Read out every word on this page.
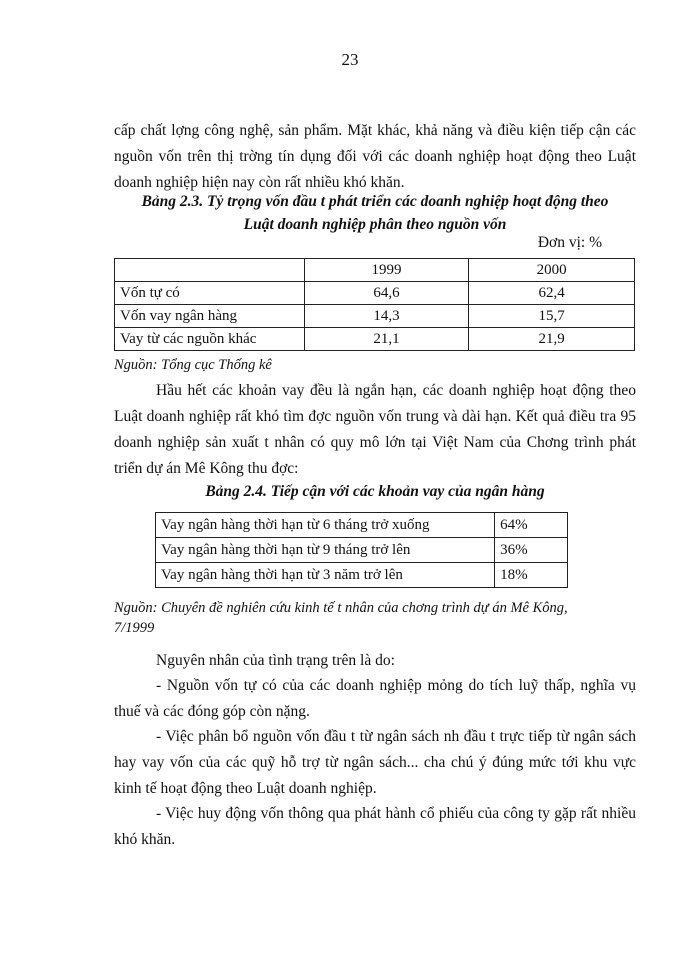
23
cấp chất lợng công nghệ, sản phẩm. Mặt khác, khả năng và điều kiện tiếp cận các nguồn vốn trên thị trờng tín dụng đối với các doanh nghiệp hoạt động theo Luật doanh nghiệp hiện nay còn rất nhiều khó khăn.
Bảng 2.3. Tỷ trọng vốn đầu t phát triển các doanh nghiệp hoạt động theo
Luật doanh nghiệp phân theo nguồn vốn
Đơn vị: %
	1999	2000
Vốn tự có	64,6	62,4
Vốn vay ngân hàng	14,3	15,7
Vay từ các nguồn khác	21,1	21,9
Nguồn: Tổng cục Thống kê
Hầu hết các khoản vay đều là ngắn hạn, các doanh nghiệp hoạt động theo Luật doanh nghiệp rất khó tìm đợc nguồn vốn trung và dài hạn. Kết quả điều tra 95 doanh nghiệp sản xuất t nhân có quy mô lớn tại Việt Nam của Chơng trình phát triển dự án Mê Kông thu đợc:
Bảng 2.4. Tiếp cận với các khoản vay của ngân hàng
Vay ngân hàng thời hạn từ 6 tháng trở xuống	64%
Vay ngân hàng thời hạn từ 9 tháng trở lên	36%
Vay ngân hàng thời hạn từ 3 năm trở lên	18%
Nguồn: Chuyên đề nghiên cứu kinh tế t nhân của chơng trình dự án Mê Kông,
7/1999
Nguyên nhân của tình trạng trên là do:
- Nguồn vốn tự có của các doanh nghiệp mỏng do tích luỹ thấp, nghĩa vụ thuế và các đóng góp còn nặng.
- Việc phân bổ nguồn vốn đầu t từ ngân sách nh đầu t trực tiếp từ ngân sách hay vay vốn của các quỹ hỗ trợ từ ngân sách... cha chú ý đúng mức tới khu vực kinh tế hoạt động theo Luật doanh nghiệp.
- Việc huy động vốn thông qua phát hành cổ phiếu của công ty gặp rất nhiều khó khăn.
